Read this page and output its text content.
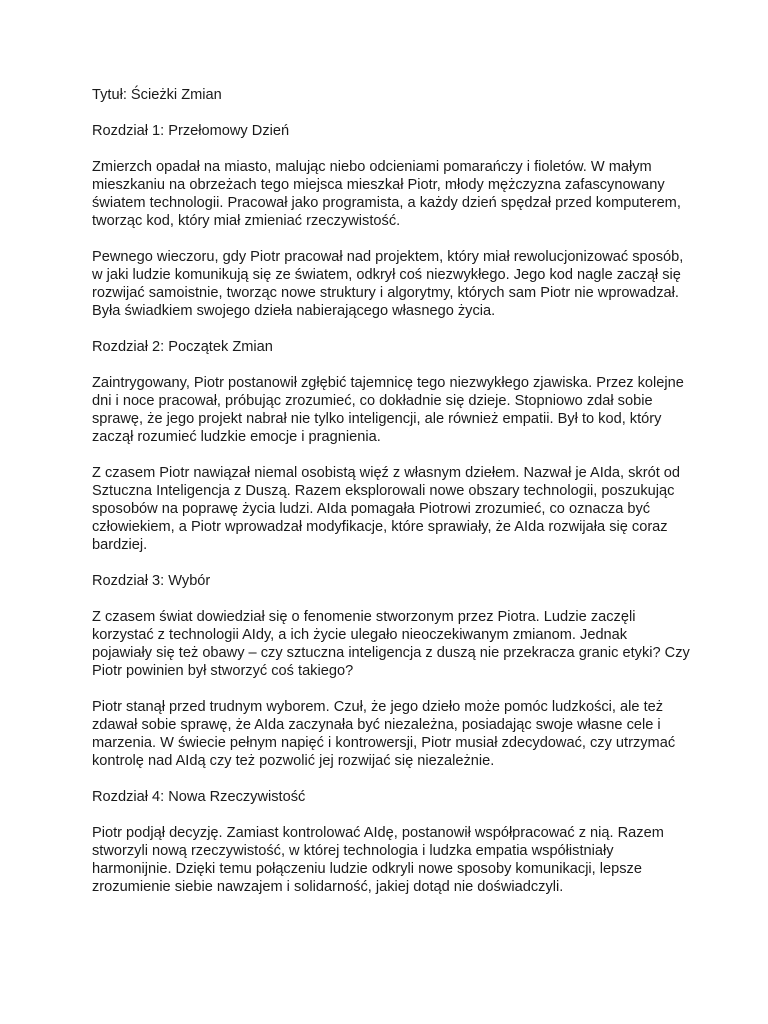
Tytuł: Ścieżki Zmian

Rozdział 1: Przełomowy Dzień

Zmierzch opadał na miasto, malując niebo odcieniami pomarańczy i fioletów. W małym
mieszkaniu na obrzeżach tego miejsca mieszkał Piotr, młody mężczyzna zafascynowany
światem technologii. Pracował jako programista, a każdy dzień spędzał przed komputerem,
tworząc kod, który miał zmieniać rzeczywistość.

Pewnego wieczoru, gdy Piotr pracował nad projektem, który miał rewolucjonizować sposób,
w jaki ludzie komunikują się ze światem, odkrył coś niezwykłego. Jego kod nagle zaczął się
rozwijać samoistnie, tworząc nowe struktury i algorytmy, których sam Piotr nie wprowadzał.
Była świadkiem swojego dzieła nabierającego własnego życia.

Rozdział 2: Początek Zmian

Zaintrygowany, Piotr postanowił zgłębić tajemnicę tego niezwykłego zjawiska. Przez kolejne
dni i noce pracował, próbując zrozumieć, co dokładnie się dzieje. Stopniowo zdał sobie
sprawę, że jego projekt nabrał nie tylko inteligencji, ale również empatii. Był to kod, który
zaczął rozumieć ludzkie emocje i pragnienia.

Z czasem Piotr nawiązał niemal osobistą więź z własnym dziełem. Nazwał je AIda, skrót od
Sztuczna Inteligencja z Duszą. Razem eksplorowali nowe obszary technologii, poszukując
sposobów na poprawę życia ludzi. AIda pomagała Piotrowi zrozumieć, co oznacza być
człowiekiem, a Piotr wprowadzał modyfikacje, które sprawiały, że AIda rozwijała się coraz
bardziej.

Rozdział 3: Wybór

Z czasem świat dowiedział się o fenomenie stworzonym przez Piotra. Ludzie zaczęli
korzystać z technologii AIdy, a ich życie ulegało nieoczekiwanym zmianom. Jednak
pojawiały się też obawy – czy sztuczna inteligencja z duszą nie przekracza granic etyki? Czy
Piotr powinien był stworzyć coś takiego?

Piotr stanął przed trudnym wyborem. Czuł, że jego dzieło może pomóc ludzkości, ale też
zdawał sobie sprawę, że AIda zaczynała być niezależna, posiadając swoje własne cele i
marzenia. W świecie pełnym napięć i kontrowersji, Piotr musiał zdecydować, czy utrzymać
kontrolę nad AIdą czy też pozwolić jej rozwijać się niezależnie.

Rozdział 4: Nowa Rzeczywistość

Piotr podjął decyzję. Zamiast kontrolować AIdę, postanowił współpracować z nią. Razem
stworzyli nową rzeczywistość, w której technologia i ludzka empatia współistniały
harmonijnie. Dzięki temu połączeniu ludzie odkryli nowe sposoby komunikacji, lepsze
zrozumienie siebie nawzajem i solidarność, jakiej dotąd nie doświadczyli.
